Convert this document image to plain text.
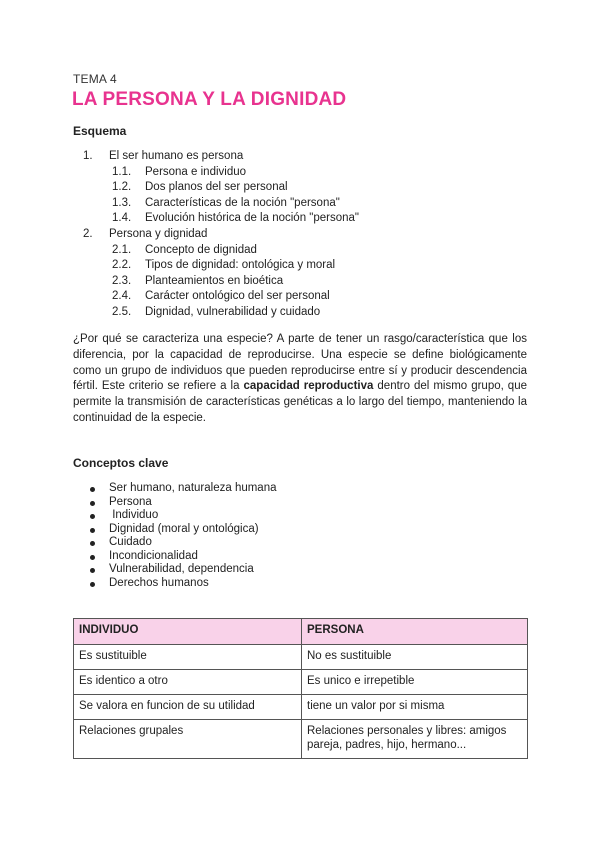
TEMA 4
LA PERSONA Y LA DIGNIDAD
Esquema
1. El ser humano es persona
1.1. Persona e individuo
1.2. Dos planos del ser personal
1.3. Características de la noción "persona"
1.4. Evolución histórica de la noción "persona"
2. Persona y dignidad
2.1. Concepto de dignidad
2.2. Tipos de dignidad: ontológica y moral
2.3. Planteamientos en bioética
2.4. Carácter ontológico del ser personal
2.5. Dignidad, vulnerabilidad y cuidado

¿Por qué se caracteriza una especie? A parte de tener un rasgo/característica que los diferencia, por la capacidad de reproducirse. Una especie se define biológicamente como un grupo de individuos que pueden reproducirse entre sí y producir descendencia fértil. Este criterio se refiere a la capacidad reproductiva dentro del mismo grupo, que permite la transmisión de características genéticas a lo largo del tiempo, manteniendo la continuidad de la especie.

Conceptos clave
Ser humano, naturaleza humana
Persona
Individuo
Dignidad (moral y ontológica)
Cuidado
Incondicionalidad
Vulnerabilidad, dependencia
Derechos humanos
INDIVIDUO	PERSONA
Es sustituible	No es sustituible
Es identico a otro	Es unico e irrepetible
Se valora en funcion de su utilidad	tiene un valor por si misma
Relaciones grupales	Relaciones personales y libres: amigos pareja, padres, hijo, hermano...
